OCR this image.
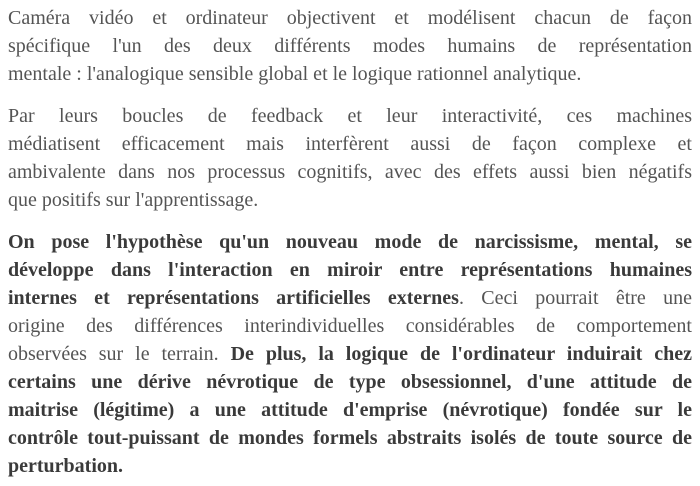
Caméra vidéo et ordinateur objectivent et modélisent chacun de façon
spécifique l'un des deux différents modes humains de représentation
mentale : l'analogique sensible global et le logique rationnel analytique.

Par leurs boucles de feedback et leur interactivité, ces machines
médiatisent efficacement mais interfèrent aussi de façon complexe et
ambivalente dans nos processus cognitifs, avec des effets aussi bien négatifs
que positifs sur l'apprentissage.

On pose l'hypothèse qu'un nouveau mode de narcissisme, mental, se
développe dans l'interaction en miroir entre représentations humaines
internes et représentations artificielles externes. Ceci pourrait être une
origine des différences interindividuelles considérables de comportement
observées sur le terrain. De plus, la logique de l'ordinateur induirait chez
certains une dérive névrotique de type obsessionnel, d'une attitude de
maitrise (légitime) a une attitude d'emprise (névrotique) fondée sur le
contrôle tout-puissant de mondes formels abstraits isolés de toute source de
perturbation.
